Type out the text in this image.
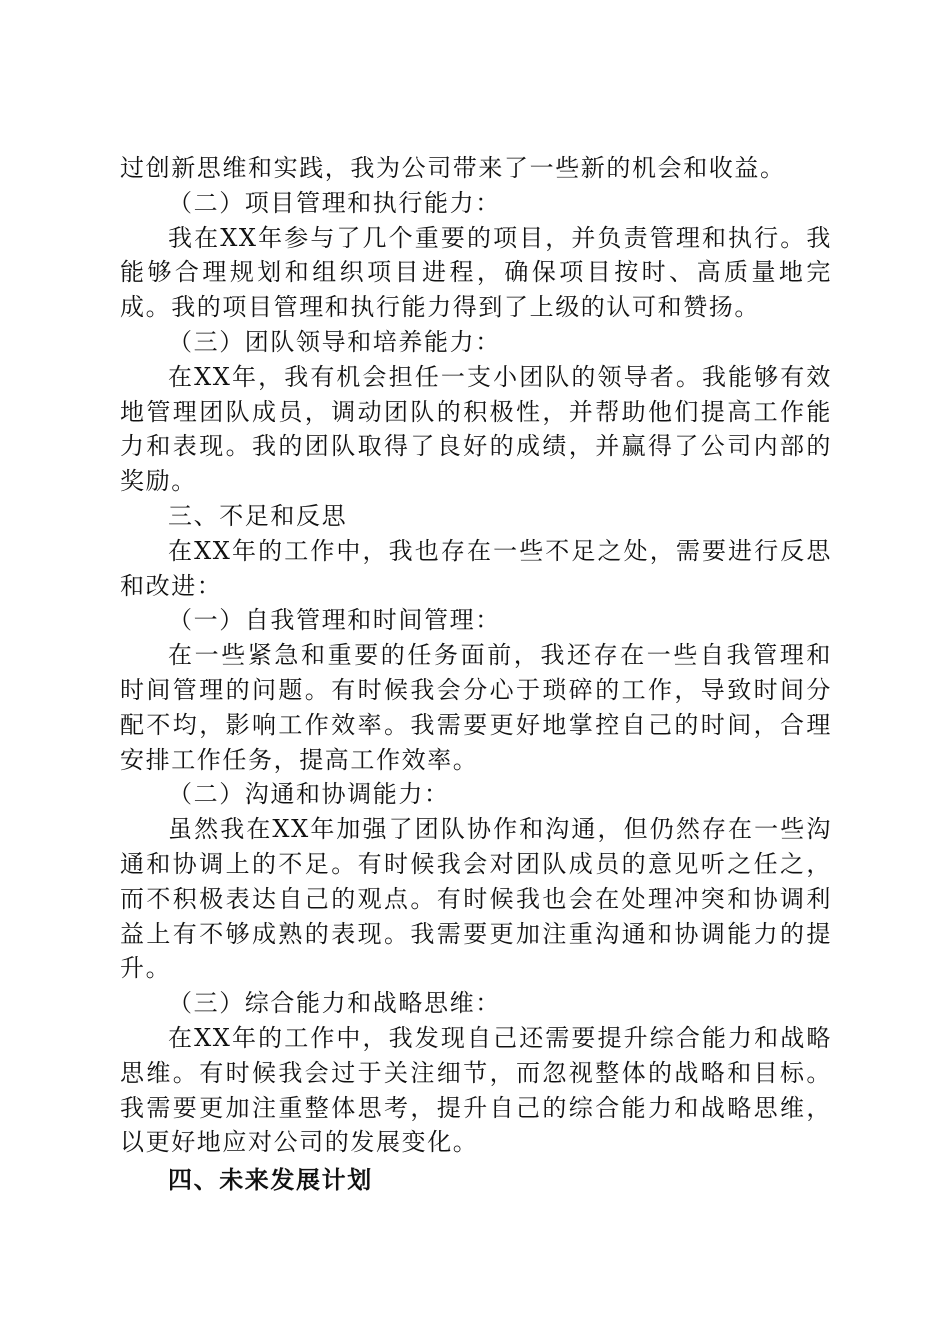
过创新思维和实践，我为公司带来了一些新的机会和收益。

（二）项目管理和执行能力：

我在XX年参与了几个重要的项目，并负责管理和执行。我能够合理规划和组织项目进程，确保项目按时、高质量地完成。我的项目管理和执行能力得到了上级的认可和赞扬。

（三）团队领导和培养能力：

在XX年，我有机会担任一支小团队的领导者。我能够有效地管理团队成员，调动团队的积极性，并帮助他们提高工作能力和表现。我的团队取得了良好的成绩，并赢得了公司内部的奖励。

三、不足和反思

在XX年的工作中，我也存在一些不足之处，需要进行反思和改进：

（一）自我管理和时间管理：

在一些紧急和重要的任务面前，我还存在一些自我管理和时间管理的问题。有时候我会分心于琐碎的工作，导致时间分配不均，影响工作效率。我需要更好地掌控自己的时间，合理安排工作任务，提高工作效率。

（二）沟通和协调能力：

虽然我在XX年加强了团队协作和沟通，但仍然存在一些沟通和协调上的不足。有时候我会对团队成员的意见听之任之，而不积极表达自己的观点。有时候我也会在处理冲突和协调利益上有不够成熟的表现。我需要更加注重沟通和协调能力的提升。

（三）综合能力和战略思维：

在XX年的工作中，我发现自己还需要提升综合能力和战略思维。有时候我会过于关注细节，而忽视整体的战略和目标。我需要更加注重整体思考，提升自己的综合能力和战略思维，以更好地应对公司的发展变化。

四、未来发展计划
